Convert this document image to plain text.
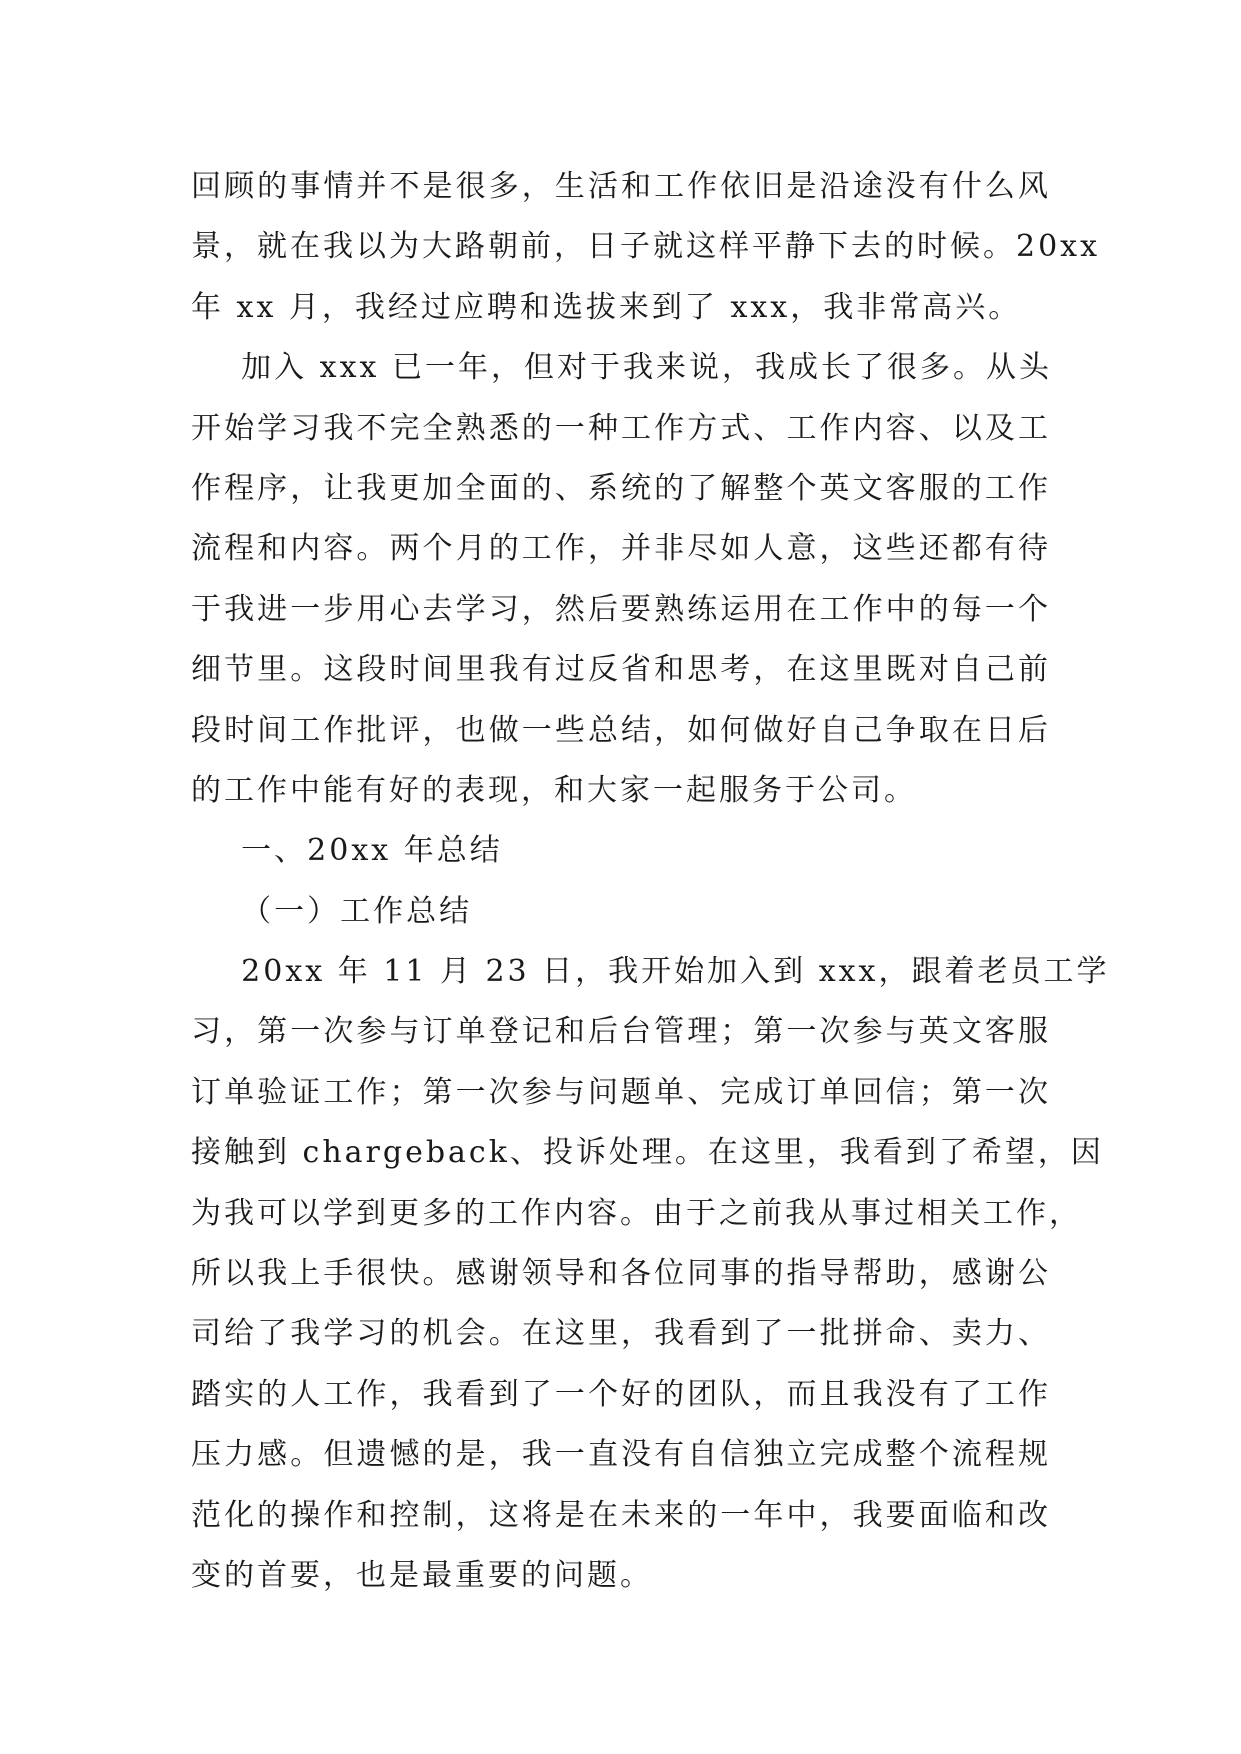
回顾的事情并不是很多，生活和工作依旧是沿途没有什么风
景，就在我以为大路朝前，日子就这样平静下去的时候。20xx
年 xx 月，我经过应聘和选拔来到了 xxx，我非常高兴。
加入 xxx 已一年，但对于我来说，我成长了很多。从头
开始学习我不完全熟悉的一种工作方式、工作内容、以及工
作程序，让我更加全面的、系统的了解整个英文客服的工作
流程和内容。两个月的工作，并非尽如人意，这些还都有待
于我进一步用心去学习，然后要熟练运用在工作中的每一个
细节里。这段时间里我有过反省和思考，在这里既对自己前
段时间工作批评，也做一些总结，如何做好自己争取在日后
的工作中能有好的表现，和大家一起服务于公司。
一、20xx 年总结
（一）工作总结
20xx 年 11 月 23 日，我开始加入到 xxx，跟着老员工学
习，第一次参与订单登记和后台管理；第一次参与英文客服
订单验证工作；第一次参与问题单、完成订单回信；第一次
接触到 chargeback、投诉处理。在这里，我看到了希望，因
为我可以学到更多的工作内容。由于之前我从事过相关工作，
所以我上手很快。感谢领导和各位同事的指导帮助，感谢公
司给了我学习的机会。在这里，我看到了一批拼命、卖力、
踏实的人工作，我看到了一个好的团队，而且我没有了工作
压力感。但遗憾的是，我一直没有自信独立完成整个流程规
范化的操作和控制，这将是在未来的一年中，我要面临和改
变的首要，也是最重要的问题。
